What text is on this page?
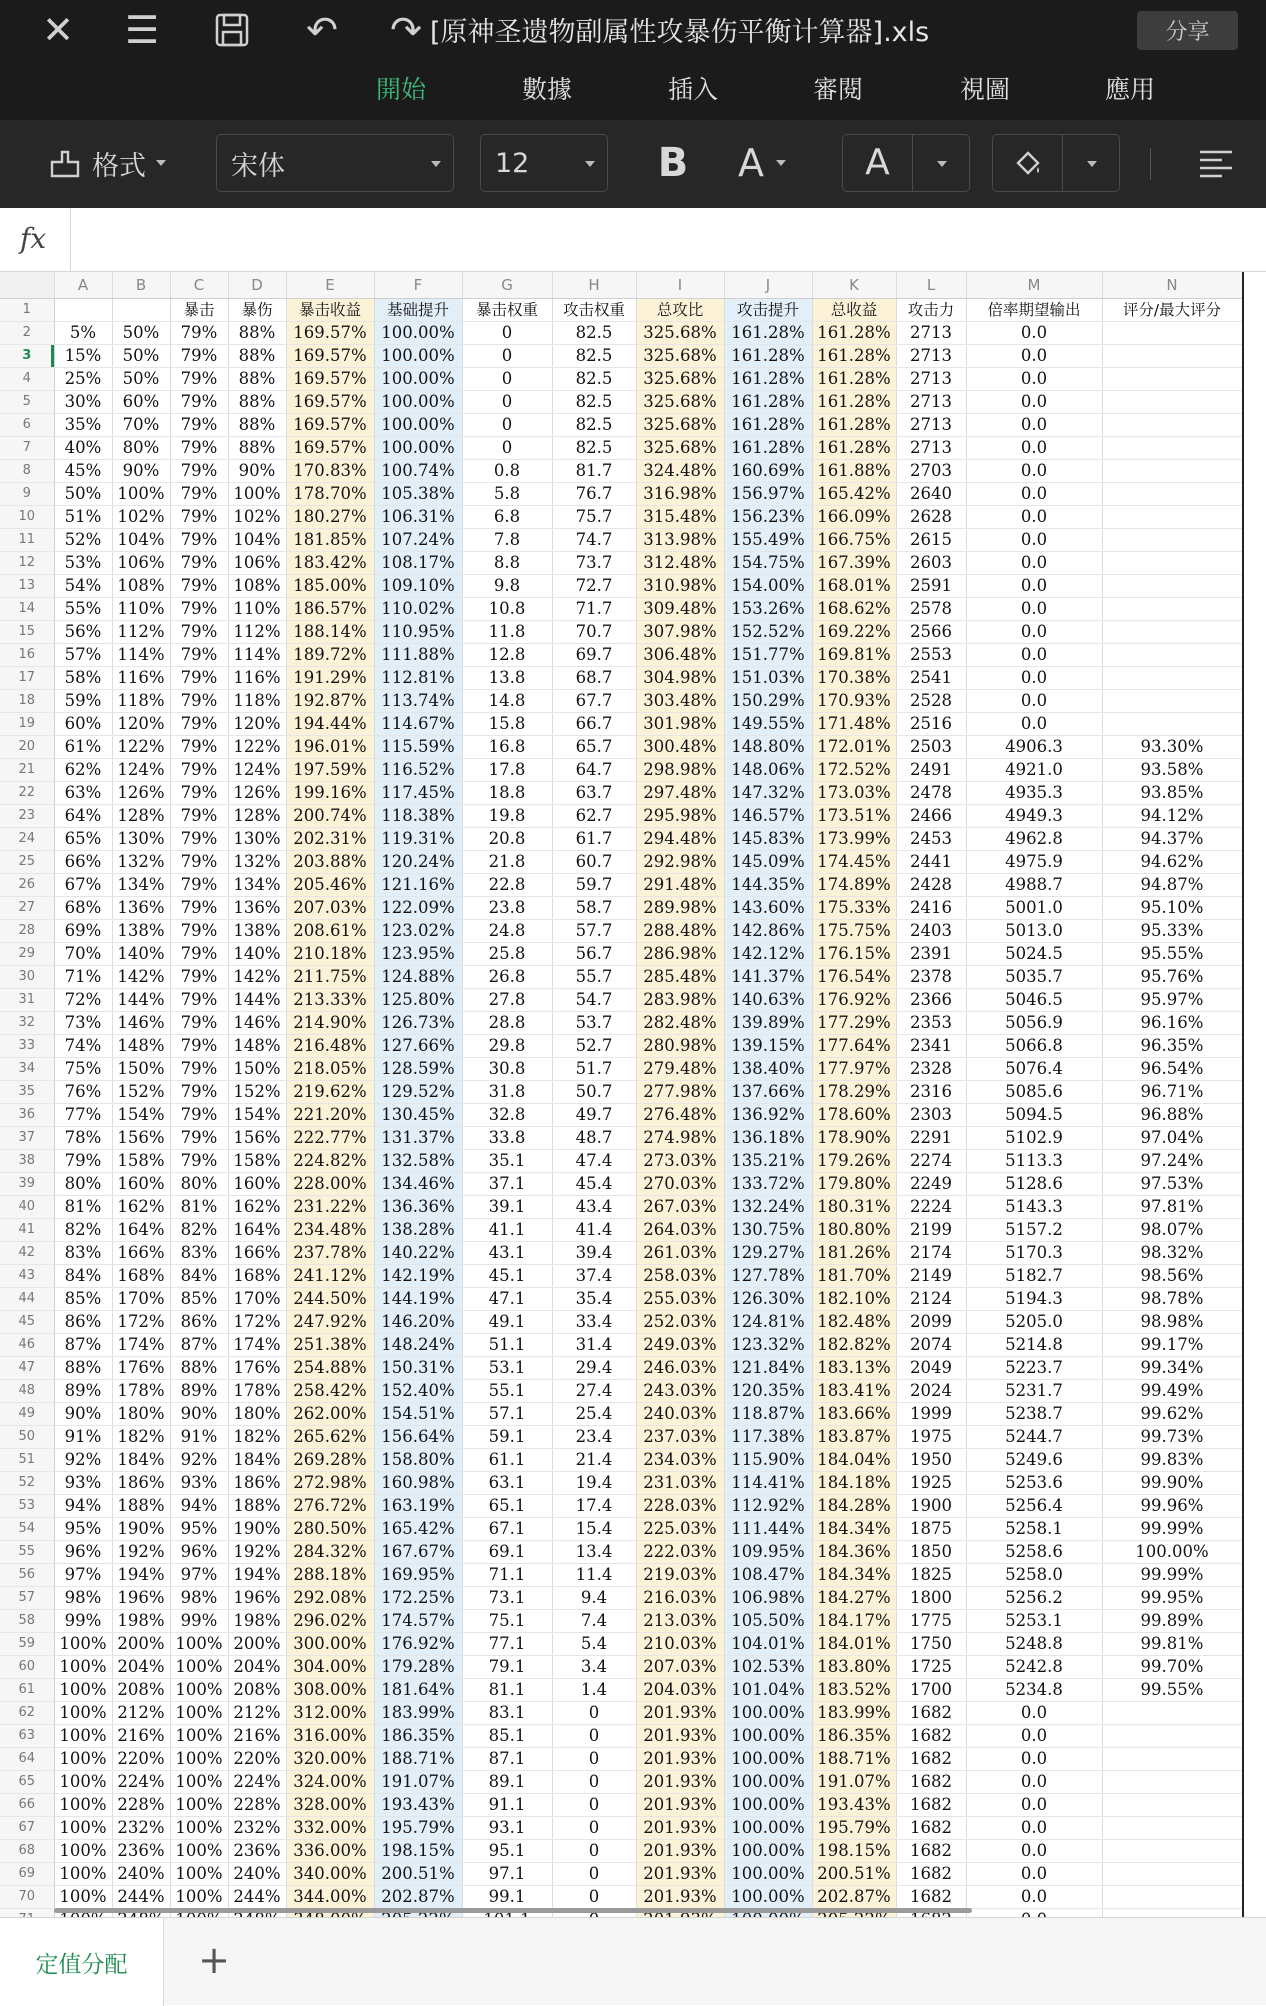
✕	☰	↶	↷ [原神圣遗物副属性攻暴伤平衡计算器].xls	分享
開始	數據	插入	審閱	視圖	應用
格式	宋体	12	B A	A
fx
	A	B	C	D	E	F	G	H	I	J	K	L	M	N
1			暴击	暴伤	暴击收益	基础提升	暴击权重	攻击权重	总攻比	攻击提升	总收益	攻击力	倍率期望输出	评分/最大评分
2	5%	50%	79%	88%	169.57%	100.00%	0	82.5	325.68%	161.28%	161.28%	2713	0.0	
3	15%	50%	79%	88%	169.57%	100.00%	0	82.5	325.68%	161.28%	161.28%	2713	0.0	
4	25%	50%	79%	88%	169.57%	100.00%	0	82.5	325.68%	161.28%	161.28%	2713	0.0	
5	30%	60%	79%	88%	169.57%	100.00%	0	82.5	325.68%	161.28%	161.28%	2713	0.0	
6	35%	70%	79%	88%	169.57%	100.00%	0	82.5	325.68%	161.28%	161.28%	2713	0.0	
7	40%	80%	79%	88%	169.57%	100.00%	0	82.5	325.68%	161.28%	161.28%	2713	0.0	
8	45%	90%	79%	90%	170.83%	100.74%	0.8	81.7	324.48%	160.69%	161.88%	2703	0.0	
9	50%	100%	79%	100%	178.70%	105.38%	5.8	76.7	316.98%	156.97%	165.42%	2640	0.0	
10	51%	102%	79%	102%	180.27%	106.31%	6.8	75.7	315.48%	156.23%	166.09%	2628	0.0	
11	52%	104%	79%	104%	181.85%	107.24%	7.8	74.7	313.98%	155.49%	166.75%	2615	0.0	
12	53%	106%	79%	106%	183.42%	108.17%	8.8	73.7	312.48%	154.75%	167.39%	2603	0.0	
13	54%	108%	79%	108%	185.00%	109.10%	9.8	72.7	310.98%	154.00%	168.01%	2591	0.0	
14	55%	110%	79%	110%	186.57%	110.02%	10.8	71.7	309.48%	153.26%	168.62%	2578	0.0	
15	56%	112%	79%	112%	188.14%	110.95%	11.8	70.7	307.98%	152.52%	169.22%	2566	0.0	
16	57%	114%	79%	114%	189.72%	111.88%	12.8	69.7	306.48%	151.77%	169.81%	2553	0.0	
17	58%	116%	79%	116%	191.29%	112.81%	13.8	68.7	304.98%	151.03%	170.38%	2541	0.0	
18	59%	118%	79%	118%	192.87%	113.74%	14.8	67.7	303.48%	150.29%	170.93%	2528	0.0	
19	60%	120%	79%	120%	194.44%	114.67%	15.8	66.7	301.98%	149.55%	171.48%	2516	0.0	
20	61%	122%	79%	122%	196.01%	115.59%	16.8	65.7	300.48%	148.80%	172.01%	2503	4906.3	93.30%
21	62%	124%	79%	124%	197.59%	116.52%	17.8	64.7	298.98%	148.06%	172.52%	2491	4921.0	93.58%
22	63%	126%	79%	126%	199.16%	117.45%	18.8	63.7	297.48%	147.32%	173.03%	2478	4935.3	93.85%
23	64%	128%	79%	128%	200.74%	118.38%	19.8	62.7	295.98%	146.57%	173.51%	2466	4949.3	94.12%
24	65%	130%	79%	130%	202.31%	119.31%	20.8	61.7	294.48%	145.83%	173.99%	2453	4962.8	94.37%
25	66%	132%	79%	132%	203.88%	120.24%	21.8	60.7	292.98%	145.09%	174.45%	2441	4975.9	94.62%
26	67%	134%	79%	134%	205.46%	121.16%	22.8	59.7	291.48%	144.35%	174.89%	2428	4988.7	94.87%
27	68%	136%	79%	136%	207.03%	122.09%	23.8	58.7	289.98%	143.60%	175.33%	2416	5001.0	95.10%
28	69%	138%	79%	138%	208.61%	123.02%	24.8	57.7	288.48%	142.86%	175.75%	2403	5013.0	95.33%
29	70%	140%	79%	140%	210.18%	123.95%	25.8	56.7	286.98%	142.12%	176.15%	2391	5024.5	95.55%
30	71%	142%	79%	142%	211.75%	124.88%	26.8	55.7	285.48%	141.37%	176.54%	2378	5035.7	95.76%
31	72%	144%	79%	144%	213.33%	125.80%	27.8	54.7	283.98%	140.63%	176.92%	2366	5046.5	95.97%
32	73%	146%	79%	146%	214.90%	126.73%	28.8	53.7	282.48%	139.89%	177.29%	2353	5056.9	96.16%
33	74%	148%	79%	148%	216.48%	127.66%	29.8	52.7	280.98%	139.15%	177.64%	2341	5066.8	96.35%
34	75%	150%	79%	150%	218.05%	128.59%	30.8	51.7	279.48%	138.40%	177.97%	2328	5076.4	96.54%
35	76%	152%	79%	152%	219.62%	129.52%	31.8	50.7	277.98%	137.66%	178.29%	2316	5085.6	96.71%
36	77%	154%	79%	154%	221.20%	130.45%	32.8	49.7	276.48%	136.92%	178.60%	2303	5094.5	96.88%
37	78%	156%	79%	156%	222.77%	131.37%	33.8	48.7	274.98%	136.18%	178.90%	2291	5102.9	97.04%
38	79%	158%	79%	158%	224.82%	132.58%	35.1	47.4	273.03%	135.21%	179.26%	2274	5113.3	97.24%
39	80%	160%	80%	160%	228.00%	134.46%	37.1	45.4	270.03%	133.72%	179.80%	2249	5128.6	97.53%
40	81%	162%	81%	162%	231.22%	136.36%	39.1	43.4	267.03%	132.24%	180.31%	2224	5143.3	97.81%
41	82%	164%	82%	164%	234.48%	138.28%	41.1	41.4	264.03%	130.75%	180.80%	2199	5157.2	98.07%
42	83%	166%	83%	166%	237.78%	140.22%	43.1	39.4	261.03%	129.27%	181.26%	2174	5170.3	98.32%
43	84%	168%	84%	168%	241.12%	142.19%	45.1	37.4	258.03%	127.78%	181.70%	2149	5182.7	98.56%
44	85%	170%	85%	170%	244.50%	144.19%	47.1	35.4	255.03%	126.30%	182.10%	2124	5194.3	98.78%
45	86%	172%	86%	172%	247.92%	146.20%	49.1	33.4	252.03%	124.81%	182.48%	2099	5205.0	98.98%
46	87%	174%	87%	174%	251.38%	148.24%	51.1	31.4	249.03%	123.32%	182.82%	2074	5214.8	99.17%
47	88%	176%	88%	176%	254.88%	150.31%	53.1	29.4	246.03%	121.84%	183.13%	2049	5223.7	99.34%
48	89%	178%	89%	178%	258.42%	152.40%	55.1	27.4	243.03%	120.35%	183.41%	2024	5231.7	99.49%
49	90%	180%	90%	180%	262.00%	154.51%	57.1	25.4	240.03%	118.87%	183.66%	1999	5238.7	99.62%
50	91%	182%	91%	182%	265.62%	156.64%	59.1	23.4	237.03%	117.38%	183.87%	1975	5244.7	99.73%
51	92%	184%	92%	184%	269.28%	158.80%	61.1	21.4	234.03%	115.90%	184.04%	1950	5249.6	99.83%
52	93%	186%	93%	186%	272.98%	160.98%	63.1	19.4	231.03%	114.41%	184.18%	1925	5253.6	99.90%
53	94%	188%	94%	188%	276.72%	163.19%	65.1	17.4	228.03%	112.92%	184.28%	1900	5256.4	99.96%
54	95%	190%	95%	190%	280.50%	165.42%	67.1	15.4	225.03%	111.44%	184.34%	1875	5258.1	99.99%
55	96%	192%	96%	192%	284.32%	167.67%	69.1	13.4	222.03%	109.95%	184.36%	1850	5258.6	100.00%
56	97%	194%	97%	194%	288.18%	169.95%	71.1	11.4	219.03%	108.47%	184.34%	1825	5258.0	99.99%
57	98%	196%	98%	196%	292.08%	172.25%	73.1	9.4	216.03%	106.98%	184.27%	1800	5256.2	99.95%
58	99%	198%	99%	198%	296.02%	174.57%	75.1	7.4	213.03%	105.50%	184.17%	1775	5253.1	99.89%
59	100%	200%	100%	200%	300.00%	176.92%	77.1	5.4	210.03%	104.01%	184.01%	1750	5248.8	99.81%
60	100%	204%	100%	204%	304.00%	179.28%	79.1	3.4	207.03%	102.53%	183.80%	1725	5242.8	99.70%
61	100%	208%	100%	208%	308.00%	181.64%	81.1	1.4	204.03%	101.04%	183.52%	1700	5234.8	99.55%
62	100%	212%	100%	212%	312.00%	183.99%	83.1	0	201.93%	100.00%	183.99%	1682	0.0	
63	100%	216%	100%	216%	316.00%	186.35%	85.1	0	201.93%	100.00%	186.35%	1682	0.0	
64	100%	220%	100%	220%	320.00%	188.71%	87.1	0	201.93%	100.00%	188.71%	1682	0.0	
65	100%	224%	100%	224%	324.00%	191.07%	89.1	0	201.93%	100.00%	191.07%	1682	0.0	
66	100%	228%	100%	228%	328.00%	193.43%	91.1	0	201.93%	100.00%	193.43%	1682	0.0	
67	100%	232%	100%	232%	332.00%	195.79%	93.1	0	201.93%	100.00%	195.79%	1682	0.0	
68	100%	236%	100%	236%	336.00%	198.15%	95.1	0	201.93%	100.00%	198.15%	1682	0.0	
69	100%	240%	100%	240%	340.00%	200.51%	97.1	0	201.93%	100.00%	200.51%	1682	0.0	
70	100%	244%	100%	244%	344.00%	202.87%	99.1	0	201.93%	100.00%	202.87%	1682	0.0	

定值分配	+
